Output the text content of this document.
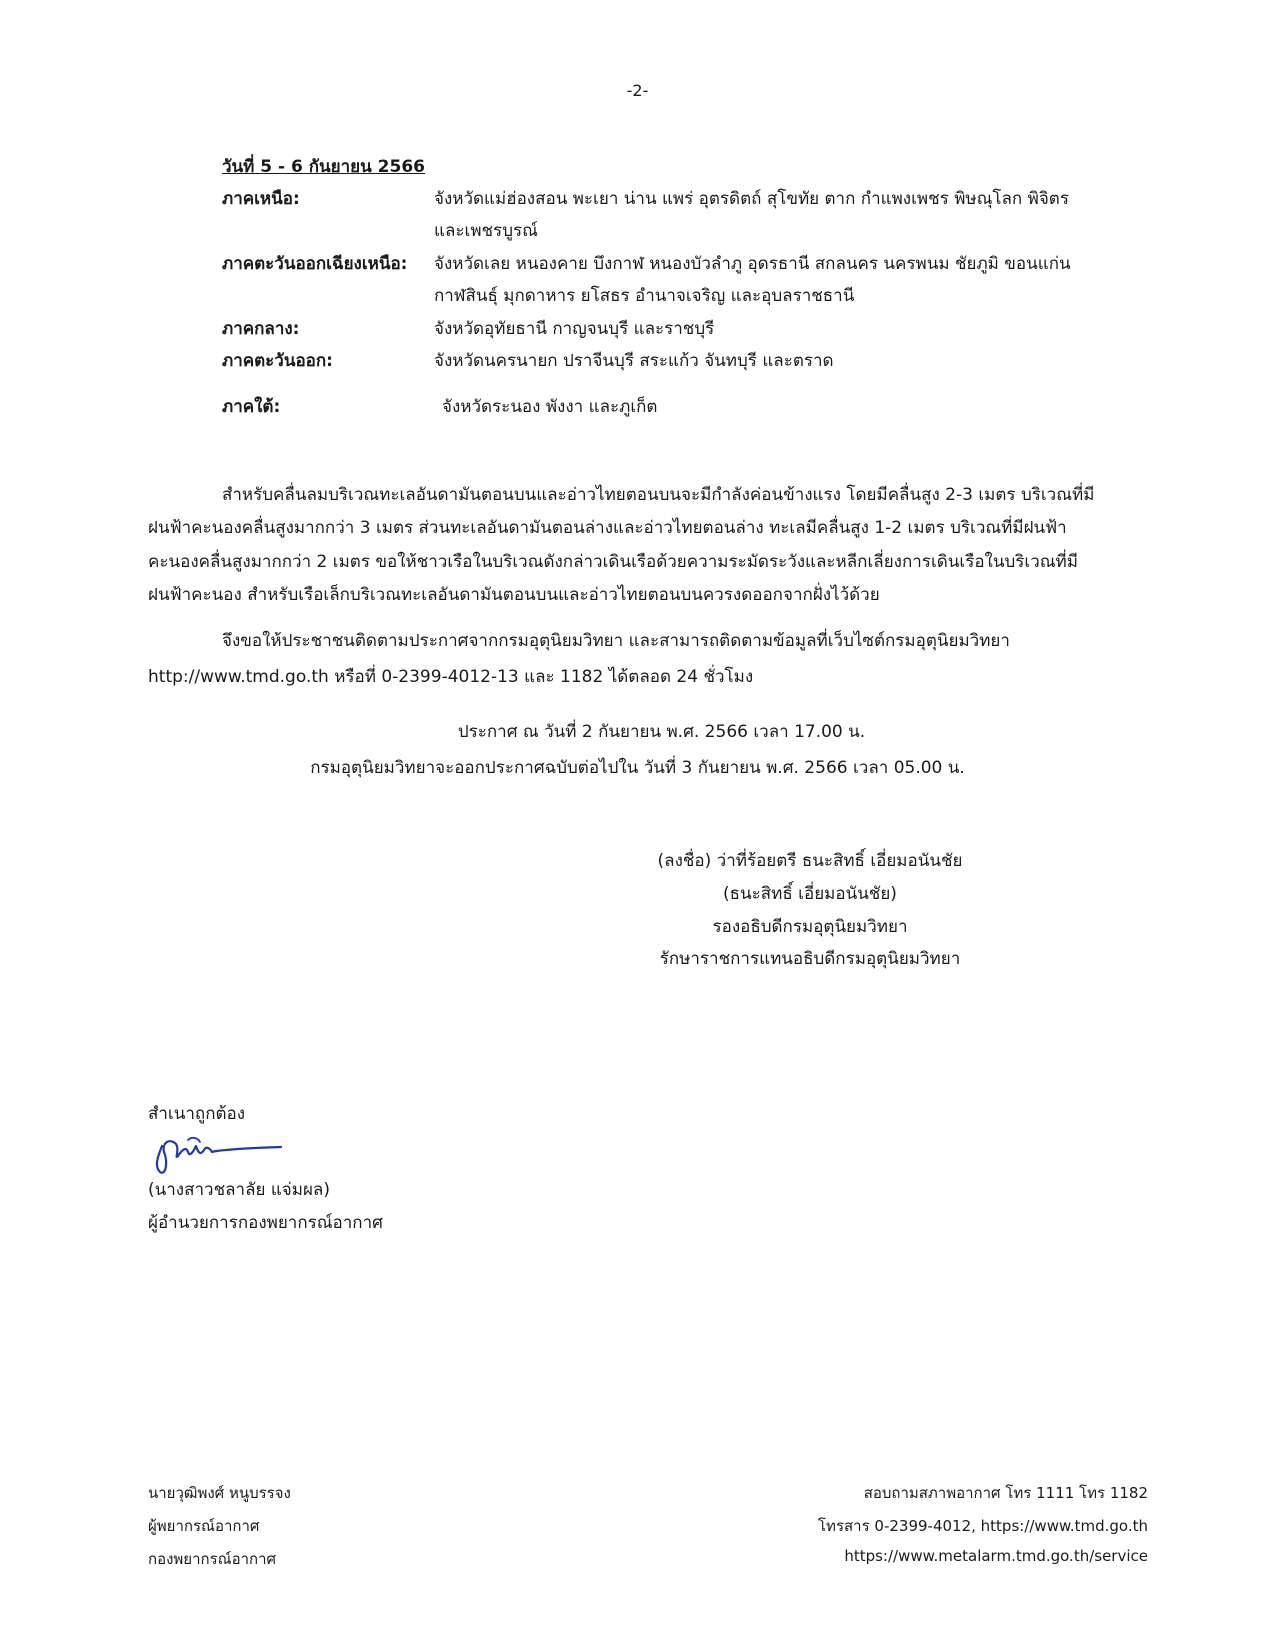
-2-
วันที่ 5 - 6 กันยายน 2566
ภาคเหนือ:	จังหวัดแม่ฮ่องสอน พะเยา น่าน แพร่ อุตรดิตถ์ สุโขทัย ตาก กำแพงเพชร พิษณุโลก พิจิตร
และเพชรบูรณ์
ภาคตะวันออกเฉียงเหนือ: จังหวัดเลย หนองคาย บึงกาฬ หนองบัวลำภู อุดรธานี สกลนคร นครพนม ชัยภูมิ ขอนแก่น
กาฬสินธุ์ มุกดาหาร ยโสธร อำนาจเจริญ และอุบลราชธานี
ภาคกลาง:	จังหวัดอุทัยธานี กาญจนบุรี และราชบุรี
ภาคตะวันออก:	จังหวัดนครนายก ปราจีนบุรี สระแก้ว จันทบุรี และตราด
ภาคใต้:	จังหวัดระนอง พังงา และภูเก็ต
สำหรับคลื่นลมบริเวณทะเลอันดามันตอนบนและอ่าวไทยตอนบนจะมีกำลังค่อนข้างแรง โดยมีคลื่นสูง 2-3 เมตร บริเวณที่มี
ฝนฟ้าคะนองคลื่นสูงมากกว่า 3 เมตร ส่วนทะเลอันดามันตอนล่างและอ่าวไทยตอนล่าง ทะเลมีคลื่นสูง 1-2 เมตร บริเวณที่มีฝนฟ้า
คะนองคลื่นสูงมากกว่า 2 เมตร ขอให้ชาวเรือในบริเวณดังกล่าวเดินเรือด้วยความระมัดระวังและหลีกเลี่ยงการเดินเรือในบริเวณที่มี
ฝนฟ้าคะนอง สำหรับเรือเล็กบริเวณทะเลอันดามันตอนบนและอ่าวไทยตอนบนควรงดออกจากฝั่งไว้ด้วย
จึงขอให้ประชาชนติดตามประกาศจากกรมอุตุนิยมวิทยา และสามารถติดตามข้อมูลที่เว็บไซต์กรมอุตุนิยมวิทยา
http://www.tmd.go.th หรือที่ 0-2399-4012-13 และ 1182 ได้ตลอด 24 ชั่วโมง
ประกาศ ณ วันที่ 2 กันยายน พ.ศ. 2566 เวลา 17.00 น.
กรมอุตุนิยมวิทยาจะออกประกาศฉบับต่อไปใน วันที่ 3 กันยายน พ.ศ. 2566 เวลา 05.00 น.
(ลงชื่อ) ว่าที่ร้อยตรี ธนะสิทธิ์ เอี่ยมอนันชัย
(ธนะสิทธิ์ เอี่ยมอนันชัย)
รองอธิบดีกรมอุตุนิยมวิทยา
รักษาราชการแทนอธิบดีกรมอุตุนิยมวิทยา
สำเนาถูกต้อง
(นางสาวชลาลัย แจ่มผล)
ผู้อำนวยการกองพยากรณ์อากาศ
นายวุฒิพงศ์ หนูบรรจง
ผู้พยากรณ์อากาศ
กองพยากรณ์อากาศ
สอบถามสภาพอากาศ โทร 1111 โทร 1182
โทรสาร 0-2399-4012, https://www.tmd.go.th
https://www.metalarm.tmd.go.th/service
